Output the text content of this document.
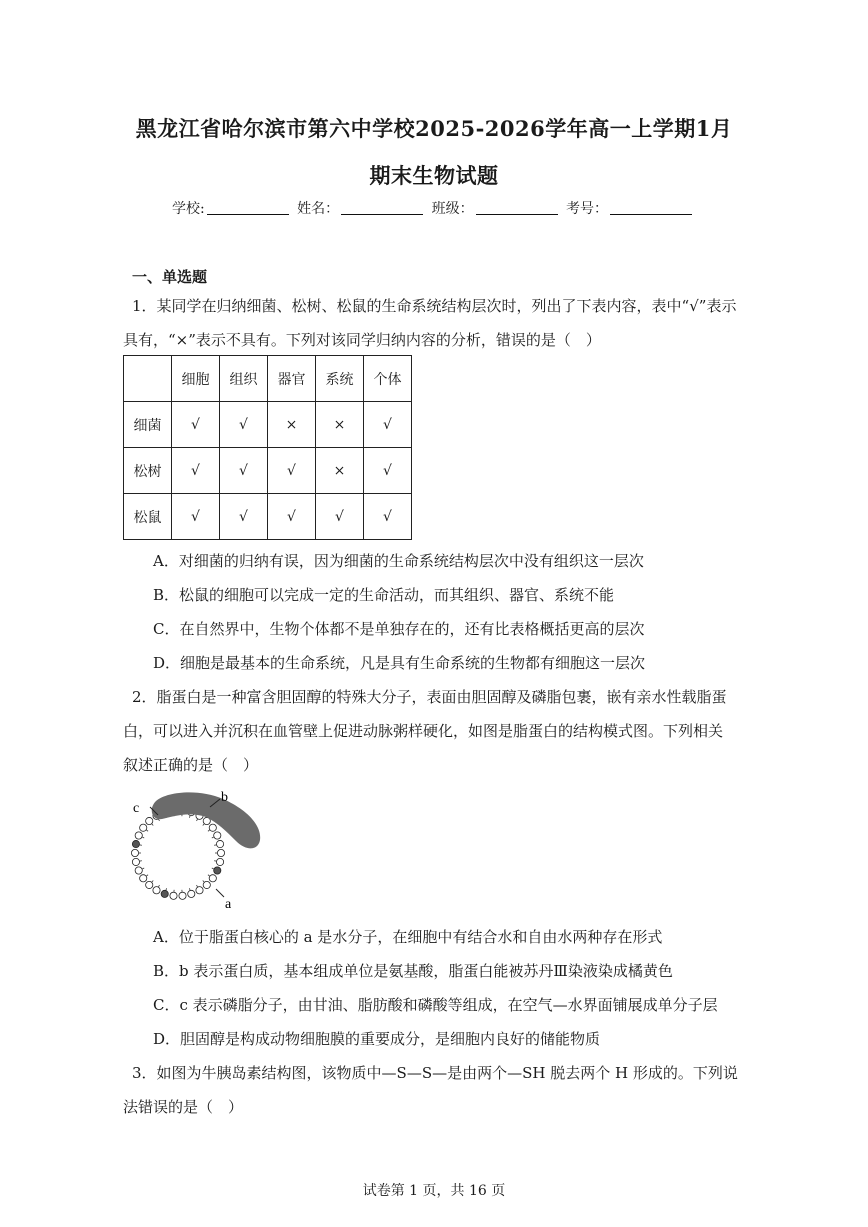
黑龙江省哈尔滨市第六中学校2025-2026学年高一上学期1月
期末生物试题
学校:	姓名：	班级：	考号：
一、单选题
1．某同学在归纳细菌、松树、松鼠的生命系统结构层次时，列出了下表内容，表中“√”表示
具有，“×”表示不具有。下列对该同学归纳内容的分析，错误的是（　）
	细胞	组织	器官	系统	个体
细菌	√	√	×	×	√
松树	√	√	√	×	√
松鼠	√	√	√	√	√
A．对细菌的归纳有误，因为细菌的生命系统结构层次中没有组织这一层次
B．松鼠的细胞可以完成一定的生命活动，而其组织、器官、系统不能
C．在自然界中，生物个体都不是单独存在的，还有比表格概括更高的层次
D．细胞是最基本的生命系统，凡是具有生命系统的生物都有细胞这一层次
2．脂蛋白是一种富含胆固醇的特殊大分子，表面由胆固醇及磷脂包裹，嵌有亲水性载脂蛋
白，可以进入并沉积在血管壁上促进动脉粥样硬化，如图是脂蛋白的结构模式图。下列相关
叙述正确的是（　）
c
b
a
A．位于脂蛋白核心的 a 是水分子，在细胞中有结合水和自由水两种存在形式
B．b 表示蛋白质，基本组成单位是氨基酸，脂蛋白能被苏丹Ⅲ染液染成橘黄色
C．c 表示磷脂分子，由甘油、脂肪酸和磷酸等组成，在空气—水界面铺展成单分子层
D．胆固醇是构成动物细胞膜的重要成分，是细胞内良好的储能物质
3．如图为牛胰岛素结构图，该物质中—S—S—是由两个—SH 脱去两个 H 形成的。下列说
法错误的是（　）
试卷第 1 页，共 16 页
